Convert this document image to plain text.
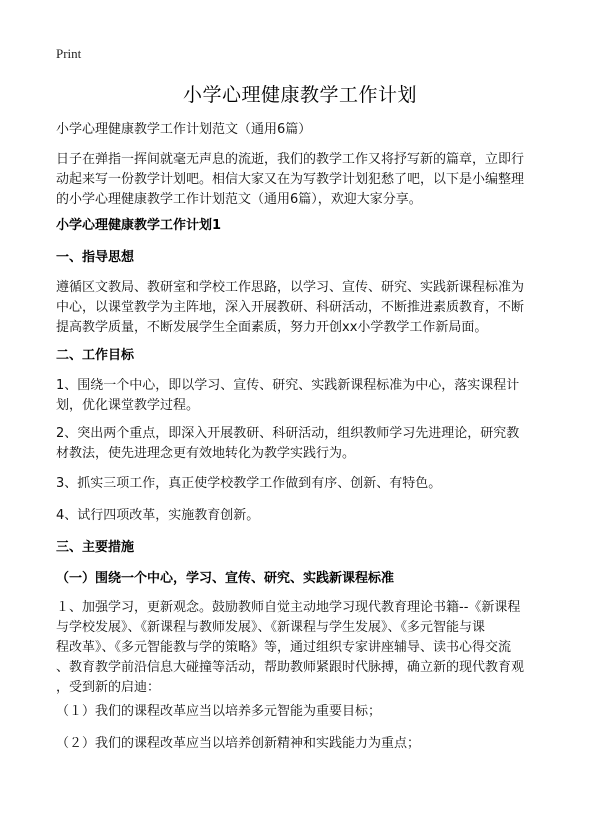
Print
小学心理健康教学工作计划
小学心理健康教学工作计划范文（通用6篇）
日子在弹指一挥间就毫无声息的流逝，我们的教学工作又将抒写新的篇章，立即行
动起来写一份教学计划吧。相信大家又在为写教学计划犯愁了吧，以下是小编整理
的小学心理健康教学工作计划范文（通用6篇），欢迎大家分享。
小学心理健康教学工作计划1
一、指导思想
遵循区文教局、教研室和学校工作思路，以学习、宣传、研究、实践新课程标准为
中心，以课堂教学为主阵地，深入开展教研、科研活动，不断推进素质教育，不断
提高教学质量，不断发展学生全面素质，努力开创xx小学教学工作新局面。
二、工作目标
1、围绕一个中心，即以学习、宣传、研究、实践新课程标准为中心，落实课程计
划，优化课堂教学过程。
2、突出两个重点，即深入开展教研、科研活动，组织教师学习先进理论，研究教
材教法，使先进理念更有效地转化为教学实践行为。
3、抓实三项工作，真正使学校教学工作做到有序、创新、有特色。
4、试行四项改革，实施教育创新。
三、主要措施
（一）围绕一个中心，学习、宣传、研究、实践新课程标准
１、加强学习，更新观念。鼓励教师自觉主动地学习现代教育理论书籍--《新课程
与学校发展》、《新课程与教师发展》、《新课程与学生发展》、《多元智能与课
程改革》、《多元智能教与学的策略》等，通过组织专家讲座辅导、读书心得交流
、教育教学前沿信息大碰撞等活动，帮助教师紧跟时代脉搏，确立新的现代教育观
，受到新的启迪：
（１）我们的课程改革应当以培养多元智能为重要目标；
（２）我们的课程改革应当以培养创新精神和实践能力为重点；
